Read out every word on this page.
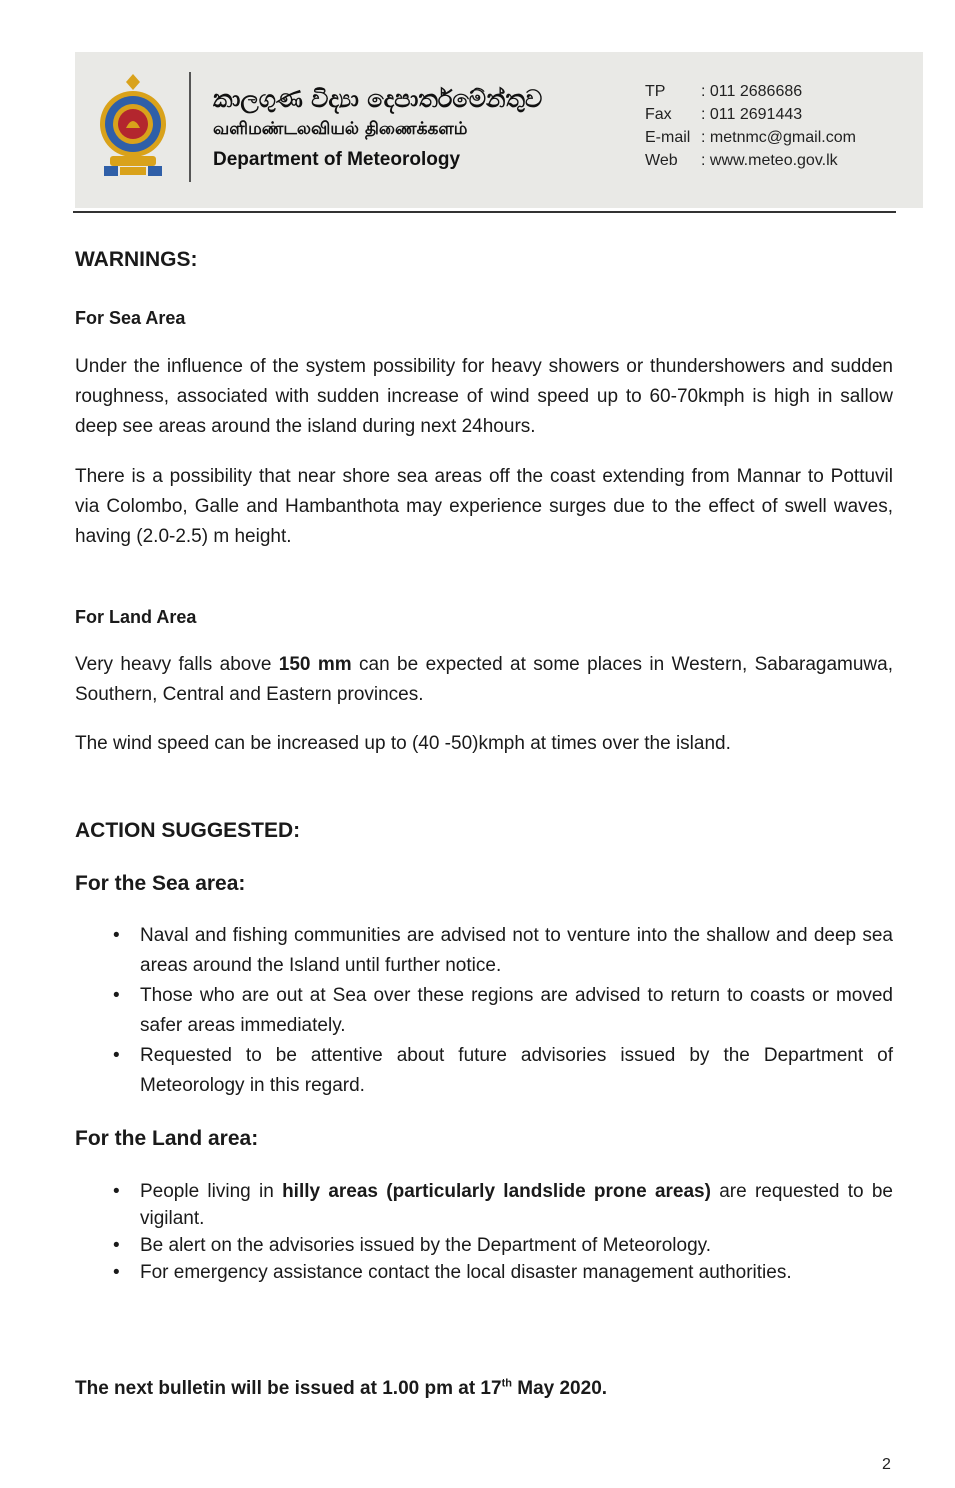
කාලගුණ විද්‍යා දෙපාර්තමේන්තුව
வளிமண்டலவியல் திணைக்களம்
Department of Meteorology
TP	: 011 2686686
Fax	: 011 2691443
E-mail : metnmc@gmail.com
Web	: www.meteo.gov.lk
WARNINGS:
For Sea Area
Under the influence of the system possibility for heavy showers or thundershowers and sudden roughness, associated with sudden increase of wind speed up to 60-70kmph is high in sallow deep see areas around the island during next 24hours.
There is a possibility that near shore sea areas off the coast extending from Mannar to Pottuvil via Colombo, Galle and Hambanthota may experience surges due to the effect of swell waves, having (2.0-2.5) m height.
For Land Area
Very heavy falls above 150 mm can be expected at some places in Western, Sabaragamuwa, Southern, Central and Eastern provinces.
The wind speed can be increased up to (40 -50)kmph at times over the island.
ACTION SUGGESTED:
For the Sea area:
• Naval and fishing communities are advised not to venture into the shallow and deep sea areas around the Island until further notice.
• Those who are out at Sea over these regions are advised to return to coasts or moved safer areas immediately.
• Requested to be attentive about future advisories issued by the Department of Meteorology in this regard.
For the Land area:
• People living in hilly areas (particularly landslide prone areas) are requested to be vigilant.
• Be alert on the advisories issued by the Department of Meteorology.
• For emergency assistance contact the local disaster management authorities.
The next bulletin will be issued at 1.00 pm at 17th May 2020.
2
